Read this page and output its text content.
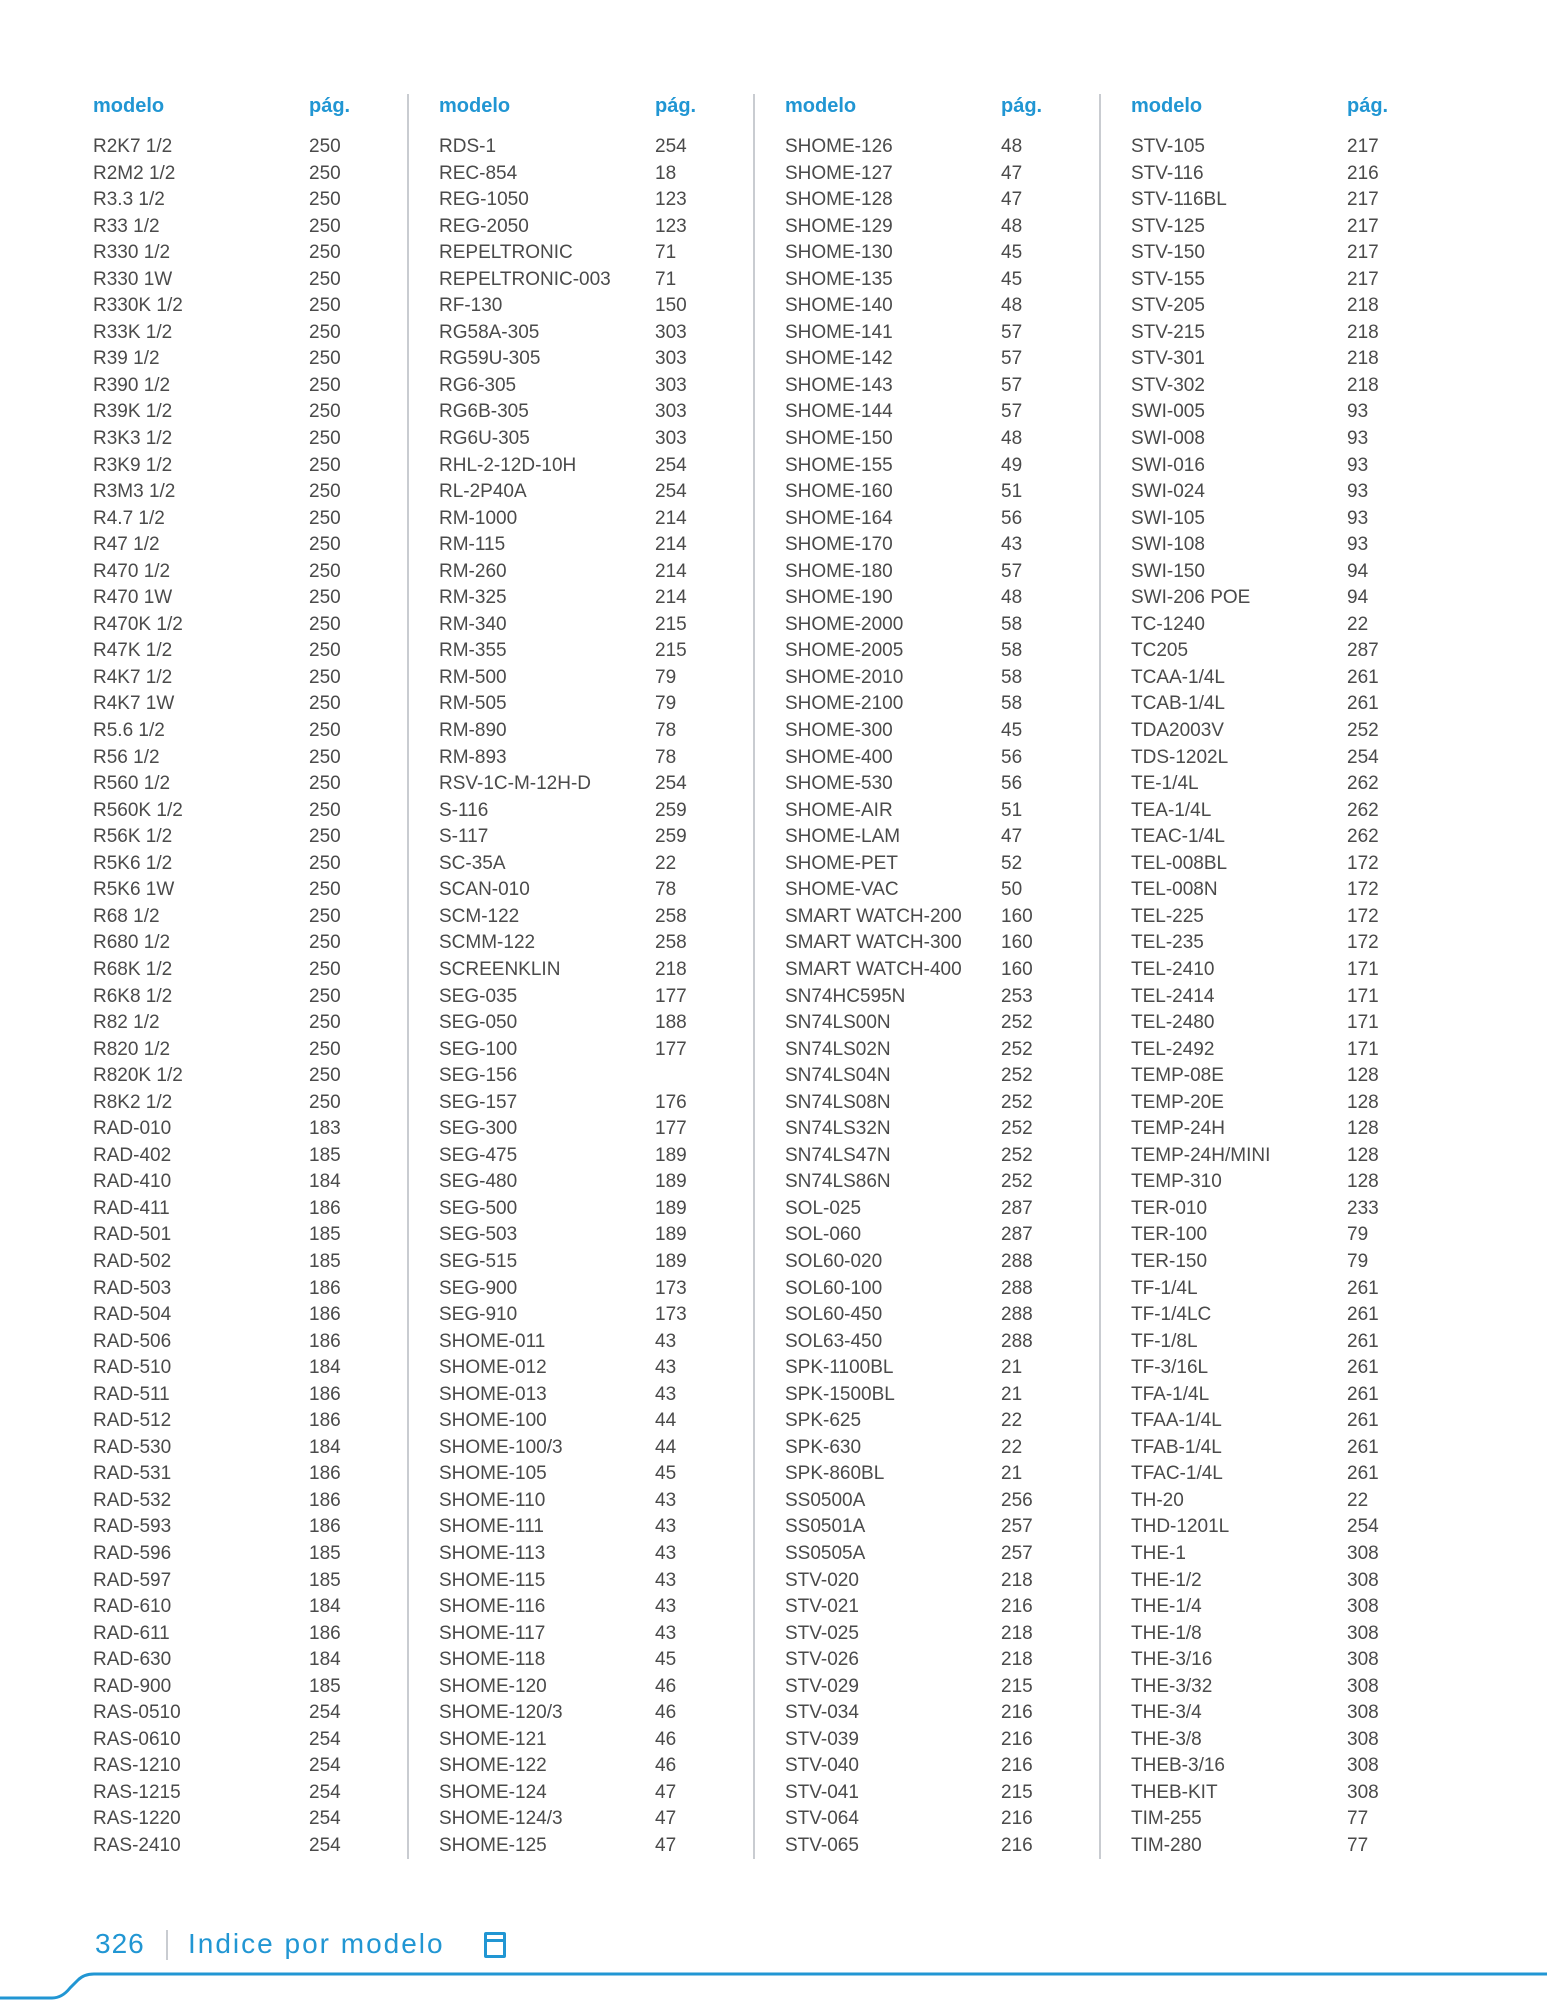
modelo	pág.
R2K7 1/2	250
R2M2 1/2	250
R3.3 1/2	250
R33 1/2	250
R330 1/2	250
R330 1W	250
R330K 1/2	250
R33K 1/2	250
R39 1/2	250
R390 1/2	250
R39K 1/2	250
R3K3 1/2	250
R3K9 1/2	250
R3M3 1/2	250
R4.7 1/2	250
R47 1/2	250
R470 1/2	250
R470 1W	250
R470K 1/2	250
R47K 1/2	250
R4K7 1/2	250
R4K7 1W	250
R5.6 1/2	250
R56 1/2	250
R560 1/2	250
R560K 1/2	250
R56K 1/2	250
R5K6 1/2	250
R5K6 1W	250
R68 1/2	250
R680 1/2	250
R68K 1/2	250
R6K8 1/2	250
R82 1/2	250
R820 1/2	250
R820K 1/2	250
R8K2 1/2	250
RAD-010	183
RAD-402	185
RAD-410	184
RAD-411	186
RAD-501	185
RAD-502	185
RAD-503	186
RAD-504	186
RAD-506	186
RAD-510	184
RAD-511	186
RAD-512	186
RAD-530	184
RAD-531	186
RAD-532	186
RAD-593	186
RAD-596	185
RAD-597	185
RAD-610	184
RAD-611	186
RAD-630	184
RAD-900	185
RAS-0510	254
RAS-0610	254
RAS-1210	254
RAS-1215	254
RAS-1220	254
RAS-2410	254
modelo	pág.
RDS-1	254
REC-854	18
REG-1050	123
REG-2050	123
REPELTRONIC	71
REPELTRONIC-003 71
RF-130	150
RG58A-305	303
RG59U-305	303
RG6-305	303
RG6B-305	303
RG6U-305	303
RHL-2-12D-10H	254
RL-2P40A	254
RM-1000	214
RM-115	214
RM-260	214
RM-325	214
RM-340	215
RM-355	215
RM-500	79
RM-505	79
RM-890	78
RM-893	78
RSV-1C-M-12H-D	254
S-116	259
S-117	259
SC-35A	22
SCAN-010	78
SCM-122	258
SCMM-122	258
SCREENKLIN	218
SEG-035	177
SEG-050	188
SEG-100	177
SEG-156
SEG-157	176
SEG-300	177
SEG-475	189
SEG-480	189
SEG-500	189
SEG-503	189
SEG-515	189
SEG-900	173
SEG-910	173
SHOME-011	43
SHOME-012	43
SHOME-013	43
SHOME-100	44
SHOME-100/3	44
SHOME-105	45
SHOME-110	43
SHOME-111	43
SHOME-113	43
SHOME-115	43
SHOME-116	43
SHOME-117	43
SHOME-118	45
SHOME-120	46
SHOME-120/3	46
SHOME-121	46
SHOME-122	46
SHOME-124	47
SHOME-124/3	47
SHOME-125	47
modelo	pág.
SHOME-126	48
SHOME-127	47
SHOME-128	47
SHOME-129	48
SHOME-130	45
SHOME-135	45
SHOME-140	48
SHOME-141	57
SHOME-142	57
SHOME-143	57
SHOME-144	57
SHOME-150	48
SHOME-155	49
SHOME-160	51
SHOME-164	56
SHOME-170	43
SHOME-180	57
SHOME-190	48
SHOME-2000	58
SHOME-2005	58
SHOME-2010	58
SHOME-2100	58
SHOME-300	45
SHOME-400	56
SHOME-530	56
SHOME-AIR	51
SHOME-LAM	47
SHOME-PET	52
SHOME-VAC	50
SMART WATCH-200 160
SMART WATCH-300 160
SMART WATCH-400 160
SN74HC595N	253
SN74LS00N	252
SN74LS02N	252
SN74LS04N	252
SN74LS08N	252
SN74LS32N	252
SN74LS47N	252
SN74LS86N	252
SOL-025	287
SOL-060	287
SOL60-020	288
SOL60-100	288
SOL60-450	288
SOL63-450	288
SPK-1100BL	21
SPK-1500BL	21
SPK-625	22
SPK-630	22
SPK-860BL	21
SS0500A	256
SS0501A	257
SS0505A	257
STV-020	218
STV-021	216
STV-025	218
STV-026	218
STV-029	215
STV-034	216
STV-039	216
STV-040	216
STV-041	215
STV-064	216
STV-065	216
modelo	pág.
STV-105	217
STV-116	216
STV-116BL	217
STV-125	217
STV-150	217
STV-155	217
STV-205	218
STV-215	218
STV-301	218
STV-302	218
SWI-005	93
SWI-008	93
SWI-016	93
SWI-024	93
SWI-105	93
SWI-108	93
SWI-150	94
SWI-206 POE	94
TC-1240	22
TC205	287
TCAA-1/4L	261
TCAB-1/4L	261
TDA2003V	252
TDS-1202L	254
TE-1/4L	262
TEA-1/4L	262
TEAC-1/4L	262
TEL-008BL	172
TEL-008N	172
TEL-225	172
TEL-235	172
TEL-2410	171
TEL-2414	171
TEL-2480	171
TEL-2492	171
TEMP-08E	128
TEMP-20E	128
TEMP-24H	128
TEMP-24H/MINI	128
TEMP-310	128
TER-010	233
TER-100	79
TER-150	79
TF-1/4L	261
TF-1/4LC	261
TF-1/8L	261
TF-3/16L	261
TFA-1/4L	261
TFAA-1/4L	261
TFAB-1/4L	261
TFAC-1/4L	261
TH-20	22
THD-1201L	254
THE-1	308
THE-1/2	308
THE-1/4	308
THE-1/8	308
THE-3/16	308
THE-3/32	308
THE-3/4	308
THE-3/8	308
THEB-3/16	308
THEB-KIT	308
TIM-255	77
TIM-280	77
326 Indice por modelo
